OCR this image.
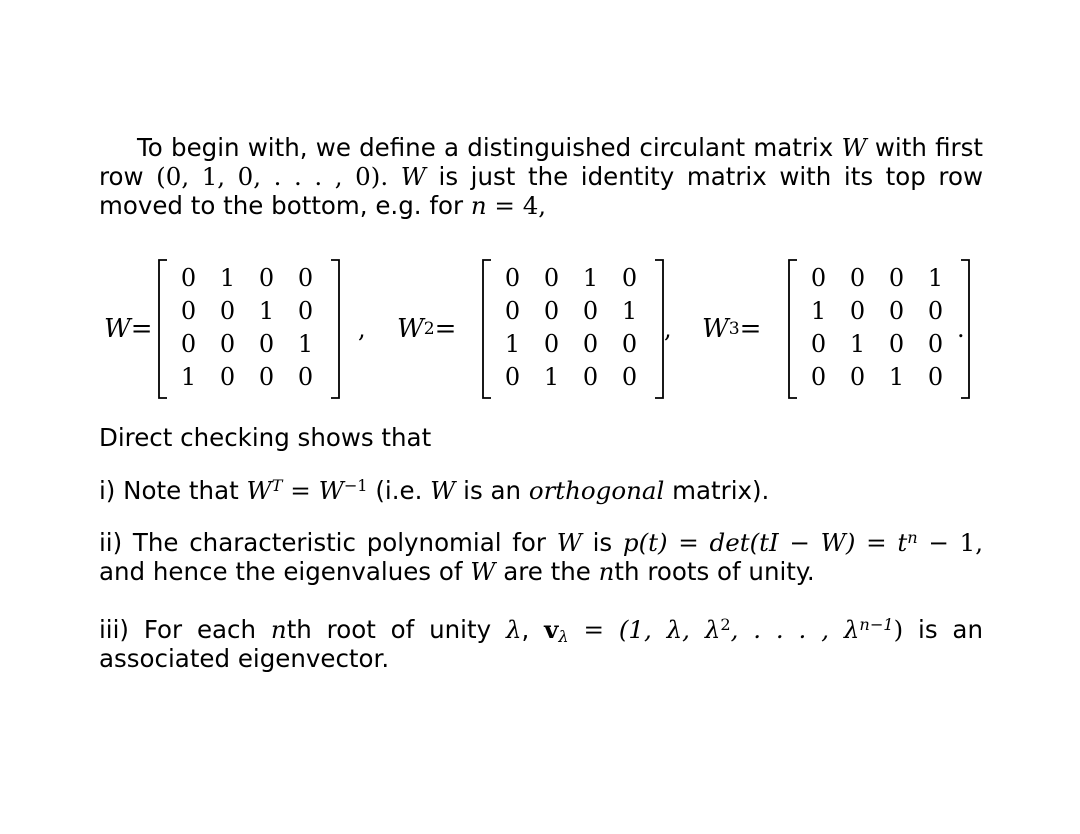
To begin with, we define a distinguished circulant matrix W with first row (0, 1, 0, . . . , 0). W is just the identity matrix with its top row moved to the bottom, e.g. for n = 4,
W =
0	1	0	0
0	0	1	0
0	0	0	1
1	0	0	0
, W 2 =
0	0	1	0
0	0	0	1
1	0	0	0
0	1	0	0
, W 3 =
0	0	0	1
1	0	0	0
0	1	0	0
0	0	1	0
.
Direct checking shows that
i) Note that $W^T = W^{-1}$ (i.e. W is an orthogonal matrix).
ii) The characteristic polynomial for W is $p(t) = \det(tI - W) = t^n - 1$, and hence the eigenvalues of W are the nth roots of unity.
iii) For each nth root of unity λ, $v_\lambda = (1$, λ, $\lambda^2$, . . . , $\lambda^{n-1}$) is an associated eigenvector.
